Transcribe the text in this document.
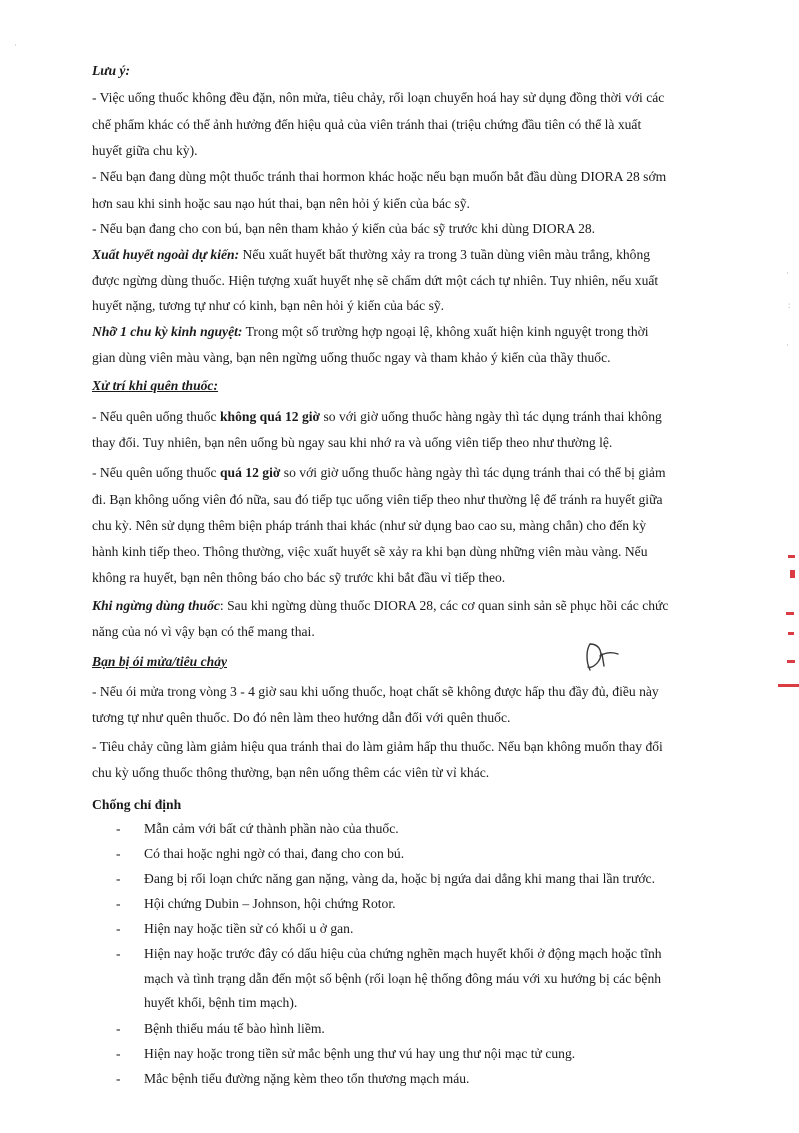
Lưu ý:

- Việc uống thuốc không đều đặn, nôn mửa, tiêu chảy, rối loạn chuyển hoá hay sử dụng đồng thời với các

chế phẩm khác có thể ảnh hưởng đến hiệu quả của viên tránh thai (triệu chứng đầu tiên có thể là xuất

huyết giữa chu kỳ).

- Nếu bạn đang dùng một thuốc tránh thai hormon khác hoặc nếu bạn muốn bắt đầu dùng DIORA 28 sớm

hơn sau khi sinh hoặc sau nạo hút thai, bạn nên hỏi ý kiến của bác sỹ.

- Nếu bạn đang cho con bú, bạn nên tham khảo ý kiến của bác sỹ trước khi dùng DIORA 28.

Xuất huyết ngoài dự kiến: Nếu xuất huyết bất thường xảy ra trong 3 tuần dùng viên màu trắng, không

được ngừng dùng thuốc. Hiện tượng xuất huyết nhẹ sẽ chấm dứt một cách tự nhiên. Tuy nhiên, nếu xuất

huyết nặng, tương tự như có kinh, bạn nên hỏi ý kiến của bác sỹ.

Nhỡ 1 chu kỳ kinh nguyệt: Trong một số trường hợp ngoại lệ, không xuất hiện kinh nguyệt trong thời

gian dùng viên màu vàng, bạn nên ngừng uống thuốc ngay và tham khảo ý kiến của thầy thuốc.

Xử trí khi quên thuốc:

- Nếu quên uống thuốc không quá 12 giờ so với giờ uống thuốc hàng ngày thì tác dụng tránh thai không

thay đổi. Tuy nhiên, bạn nên uống bù ngay sau khi nhớ ra và uống viên tiếp theo như thường lệ.

- Nếu quên uống thuốc quá 12 giờ so với giờ uống thuốc hàng ngày thì tác dụng tránh thai có thể bị giảm

đi. Bạn không uống viên đó nữa, sau đó tiếp tục uống viên tiếp theo như thường lệ để tránh ra huyết giữa

chu kỳ. Nên sử dụng thêm biện pháp tránh thai khác (như sử dụng bao cao su, màng chắn) cho đến kỳ

hành kinh tiếp theo. Thông thường, việc xuất huyết sẽ xảy ra khi bạn dùng những viên màu vàng. Nếu

không ra huyết, bạn nên thông báo cho bác sỹ trước khi bắt đầu vỉ tiếp theo.

Khi ngừng dùng thuốc: Sau khi ngừng dùng thuốc DIORA 28, các cơ quan sinh sản sẽ phục hồi các chức

năng của nó vì vậy bạn có thể mang thai.

Bạn bị ói mửa/tiêu chảy

- Nếu ói mửa trong vòng 3 - 4 giờ sau khi uống thuốc, hoạt chất sẽ không được hấp thu đầy đủ, điều này

tương tự như quên thuốc. Do đó nên làm theo hướng dẫn đối với quên thuốc.

- Tiêu chảy cũng làm giảm hiệu qua tránh thai do làm giảm hấp thu thuốc. Nếu bạn không muốn thay đổi

chu kỳ uống thuốc thông thường, bạn nên uống thêm các viên từ vỉ khác.

Chống chỉ định

- Mẫn cảm với bất cứ thành phần nào của thuốc.

- Có thai hoặc nghi ngờ có thai, đang cho con bú.

- Đang bị rối loạn chức năng gan nặng, vàng da, hoặc bị ngứa dai dẳng khi mang thai lần trước.

- Hội chứng Dubin – Johnson, hội chứng Rotor.

- Hiện nay hoặc tiền sử có khối u ở gan.

- Hiện nay hoặc trước đây có dấu hiệu của chứng nghẽn mạch huyết khối ở động mạch hoặc tĩnh

mạch và tình trạng dẫn đến một số bệnh (rối loạn hệ thống đông máu với xu hướng bị các bệnh

huyết khối, bệnh tim mạch).

- Bệnh thiếu máu tế bào hình liềm.

- Hiện nay hoặc trong tiền sử mắc bệnh ung thư vú hay ung thư nội mạc tử cung.

- Mắc bệnh tiểu đường nặng kèm theo tổn thương mạch máu.

·
:
·
·
